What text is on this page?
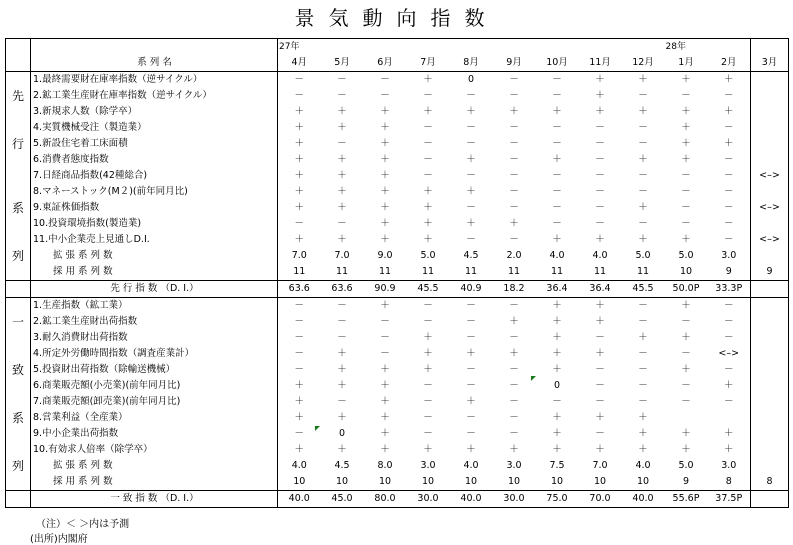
景気動向指数
		27年									28年		
	系 列 名	4月	5月	6月	7月	8月	9月	10月	11月	12月	1月	2月	3月
	1.最終需要財在庫率指数（逆サイクル）	－	－	－	＋	0	－	－	＋	＋	＋	＋	
先	2.鉱工業生産財在庫率指数（逆サイクル）	－	－	－	－	－	－	－	＋	－	－	－	
	3.新規求人数（除学卒）	＋	＋	＋	＋	＋	＋	＋	＋	＋	＋	＋	
	4.実質機械受注（製造業）	＋	＋	＋	－	－	－	－	－	－	＋	－	
行	5.新設住宅着工床面積	＋	－	＋	－	－	－	－	－	－	＋	＋	
	6.消費者態度指数	＋	＋	＋	－	＋	－	＋	－	＋	＋	－	
	7.日経商品指数(42種総合)	＋	＋	＋	－	－	－	－	－	－	－	－	<–>
	8.マネーストック(M２)(前年同月比)	＋	＋	＋	＋	＋	－	－	－	－	－	－	
系	9.東証株価指数	＋	＋	＋	＋	－	－	－	－	＋	－	－	<–>
	10.投資環境指数(製造業)	－	－	＋	＋	＋	＋	－	－	－	－	－	
	11.中小企業売上見通しD.I.	＋	＋	＋	＋	－	－	＋	＋	＋	＋	－	<–>
列	拡 張 系 列 数	7.0	7.0	9.0	5.0	4.5	2.0	4.0	4.0	5.0	5.0	3.0	
	採 用 系 列 数	11	11	11	11	11	11	11	11	11	10	9	9
	先 行 指 数 （D. I.）	63.6	63.6	90.9	45.5	40.9	18.2	36.4	36.4	45.5	50.0P	33.3P	
	1.生産指数（鉱工業）	－	－	＋	－	－	－	＋	＋	－	＋	－	
一	2.鉱工業生産財出荷指数	－	－	－	－	－	＋	＋	＋	－	－	－	
	3.耐久消費財出荷指数	－	－	－	＋	－	－	＋	－	＋	＋	－	
	4.所定外労働時間指数（調査産業計）	－	＋	－	＋	＋	＋	＋	＋	－	－	<–>	
致	5.投資財出荷指数（除輸送機械）	－	＋	＋	＋	－	－	＋	－	－	＋	－	
	6.商業販売額(小売業)(前年同月比)	＋	＋	＋	－	－	－	0	－	－	－	＋	
	7.商業販売額(卸売業)(前年同月比)	＋	－	＋	－	＋	－	－	－	－	－	－	
系	8.営業利益（全産業）	＋	＋	＋	－	－	－	＋	＋	＋			
	9.中小企業出荷指数	－	0	＋	－	－	－	＋	－	＋	＋	＋	
	10.有効求人倍率（除学卒）	＋	＋	＋	＋	＋	＋	＋	＋	＋	＋	＋	
列	拡 張 系 列 数	4.0	4.5	8.0	3.0	4.0	3.0	7.5	7.0	4.0	5.0	3.0	
	採 用 系 列 数	10	10	10	10	10	10	10	10	10	9	8	8
	一 致 指 数 （D. I.）	40.0	45.0	80.0	30.0	40.0	30.0	75.0	70.0	40.0	55.6P	37.5P	
（注）＜ ＞内は予測
(出所)内閣府
